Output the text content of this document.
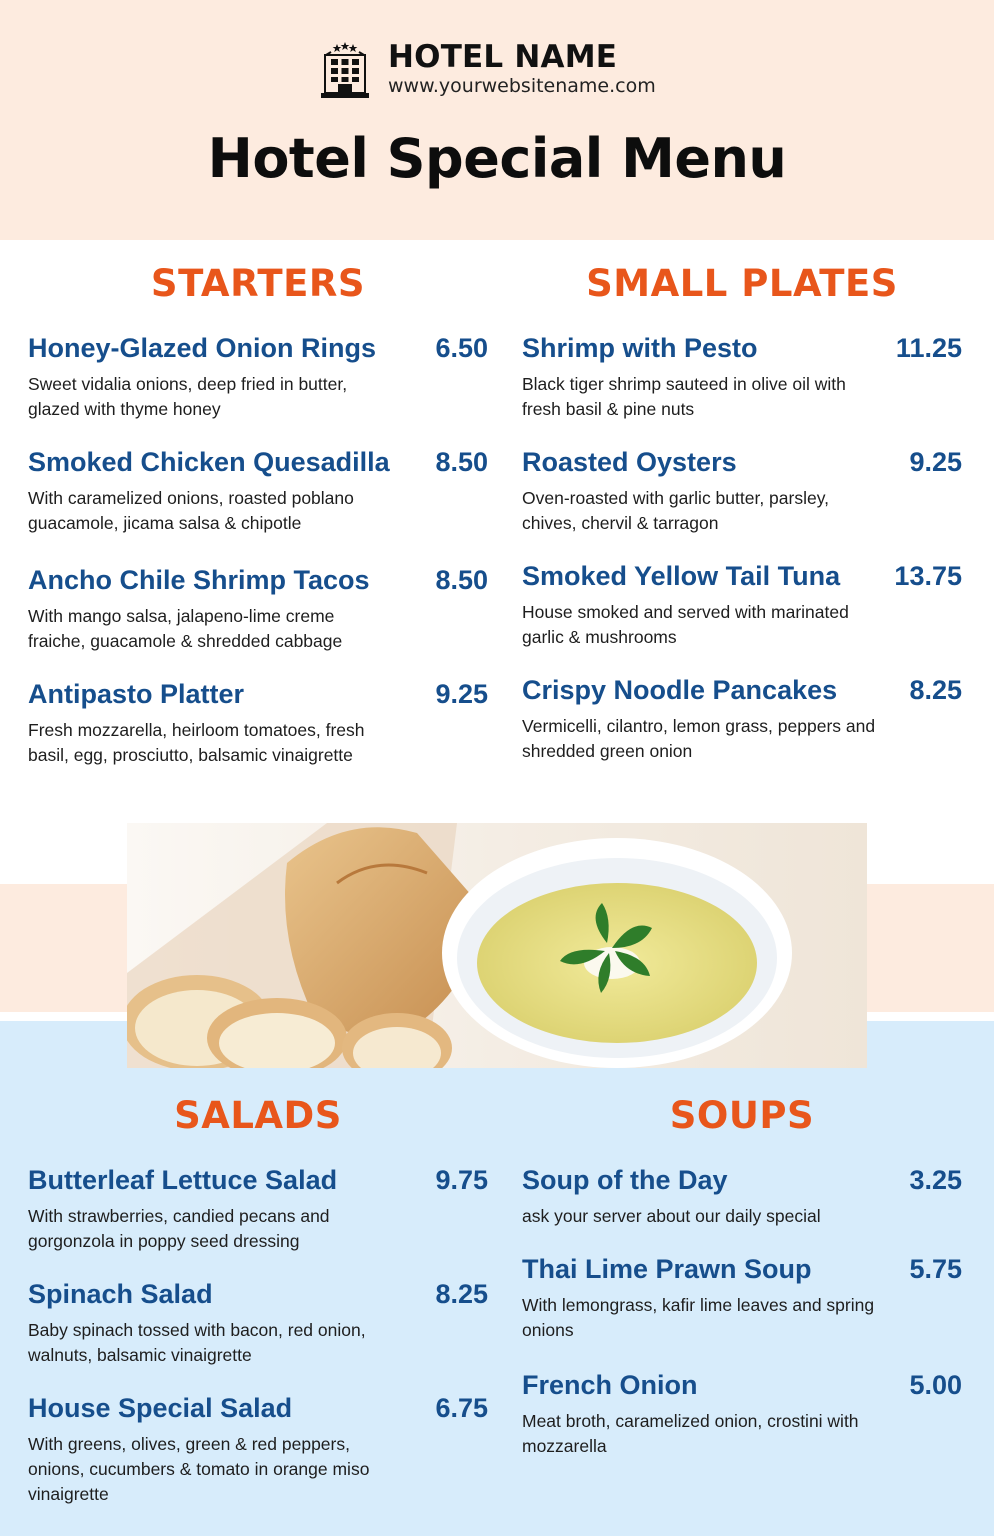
HOTEL NAME
www.yourwebsitename.com
Hotel Special Menu
STARTERS
Honey-Glazed Onion Rings 6.50
Sweet vidalia onions, deep fried in butter, glazed with thyme honey
Smoked Chicken Quesadilla 8.50
With caramelized onions, roasted poblano guacamole, jicama salsa & chipotle
Ancho Chile Shrimp Tacos 8.50
With mango salsa, jalapeno-lime creme fraiche, guacamole & shredded cabbage
Antipasto Platter	9.25
Fresh mozzarella, heirloom tomatoes, fresh basil, egg, prosciutto, balsamic vinaigrette
SMALL PLATES
Shrimp with Pesto	11.25
Black tiger shrimp sauteed in olive oil with fresh basil & pine nuts
Roasted Oysters	9.25
Oven-roasted with garlic butter, parsley, chives, chervil & tarragon
Smoked Yellow Tail Tuna 13.75
House smoked and served with marinated garlic & mushrooms
Crispy Noodle Pancakes	8.25
Vermicelli, cilantro, lemon grass, peppers and shredded green onion
SALADS
Butterleaf Lettuce Salad	9.75
With strawberries, candied pecans and gorgonzola in poppy seed dressing
Spinach Salad	8.25
Baby spinach tossed with bacon, red onion, walnuts, balsamic vinaigrette
House Special Salad	6.75
With greens, olives, green & red peppers, onions, cucumbers & tomato in orange miso vinaigrette
SOUPS
Soup of the Day	3.25
ask your server about our daily special
Thai Lime Prawn Soup	5.75
With lemongrass, kafir lime leaves and spring onions
French Onion	5.00
Meat broth, caramelized onion, crostini with mozzarella
